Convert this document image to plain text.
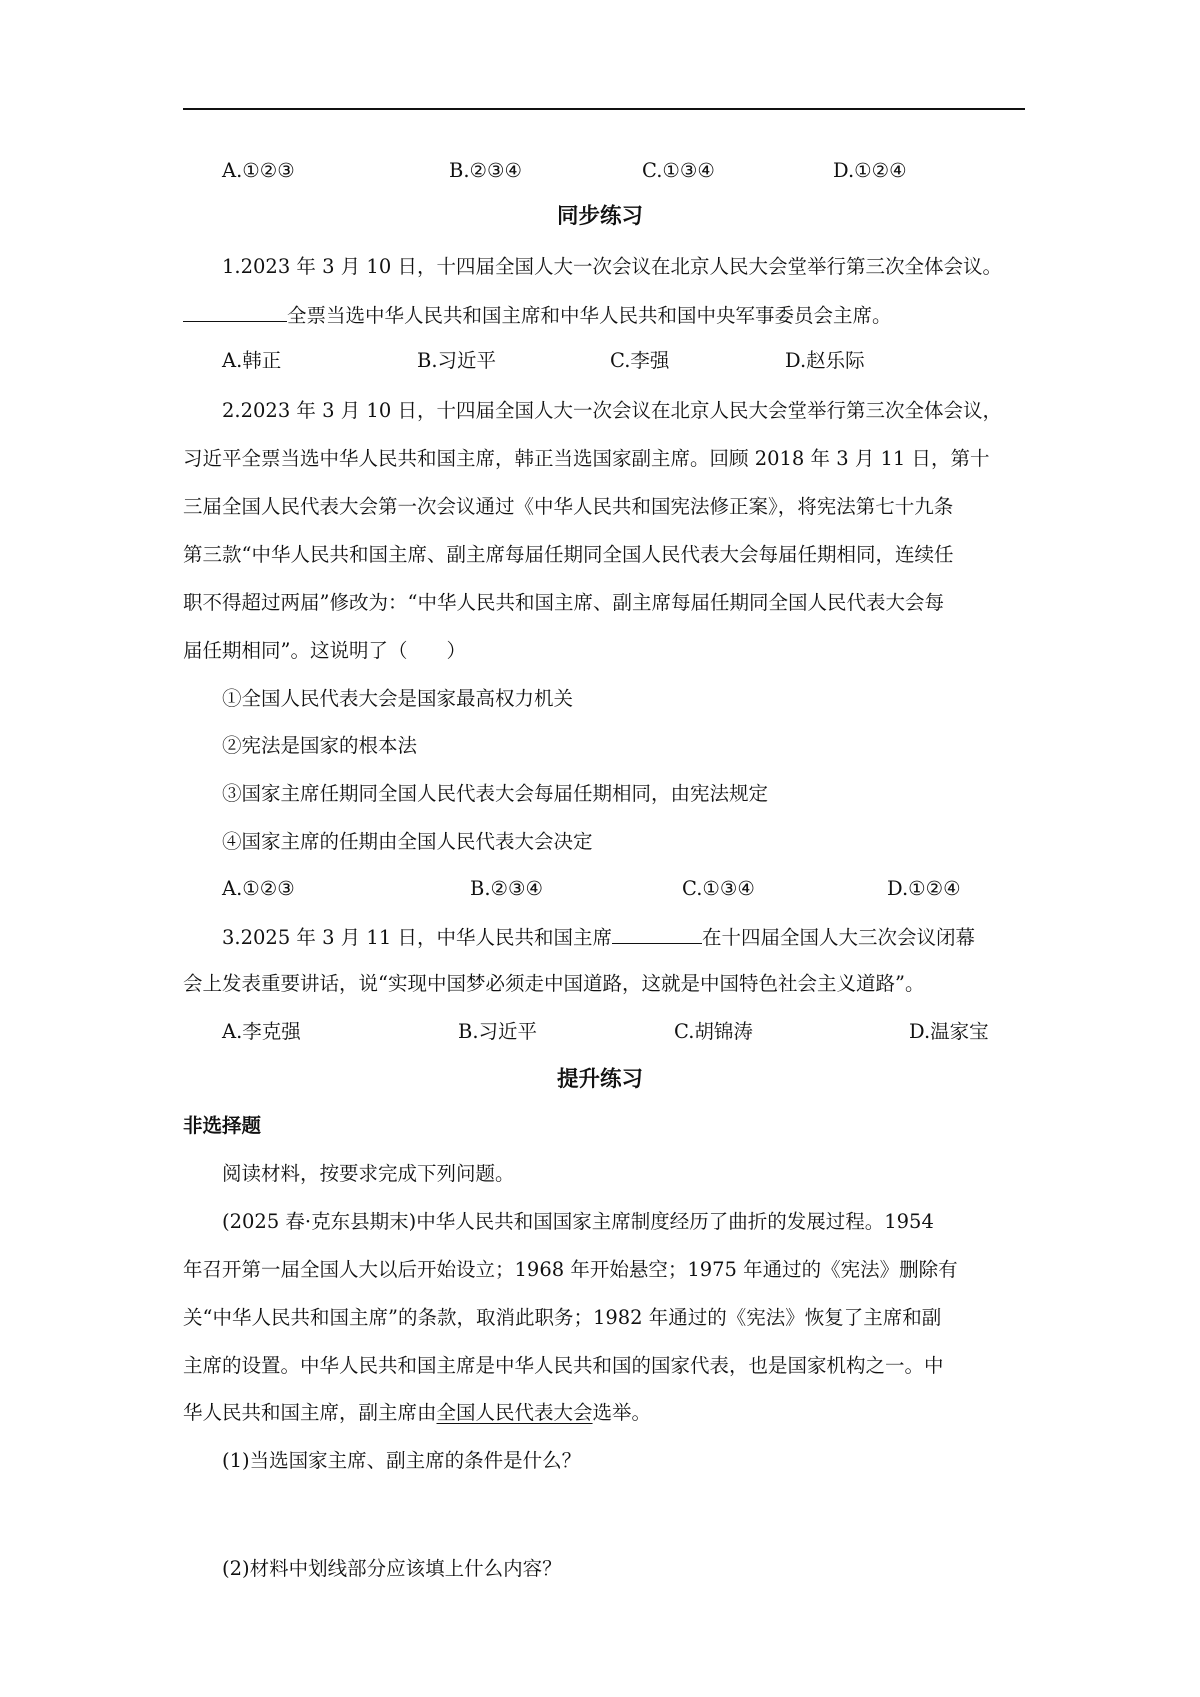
A.①②③	B.②③④	C.①③④	D.①②④
同步练习
1.2023 年 3 月 10 日，十四届全国人大一次会议在北京人民大会堂举行第三次全体会议。
全票当选中华人民共和国主席和中华人民共和国中央军事委员会主席。
A.韩正	B.习近平	C.李强	D.赵乐际
2.2023 年 3 月 10 日，十四届全国人大一次会议在北京人民大会堂举行第三次全体会议，
习近平全票当选中华人民共和国主席，韩正当选国家副主席。回顾 2018 年 3 月 11 日，第十
三届全国人民代表大会第一次会议通过《中华人民共和国宪法修正案》，将宪法第七十九条
第三款“中华人民共和国主席、副主席每届任期同全国人民代表大会每届任期相同，连续任
职不得超过两届”修改为：“中华人民共和国主席、副主席每届任期同全国人民代表大会每
届任期相同”。这说明了（　　）
①全国人民代表大会是国家最高权力机关
②宪法是国家的根本法
③国家主席任期同全国人民代表大会每届任期相同，由宪法规定
④国家主席的任期由全国人民代表大会决定
A.①②③	B.②③④	C.①③④	D.①②④
3.2025 年 3 月 11 日，中华人民共和国主席	在十四届全国人大三次会议闭幕
会上发表重要讲话，说“实现中国梦必须走中国道路，这就是中国特色社会主义道路”。
A.李克强	B.习近平	C.胡锦涛	D.温家宝
提升练习
非选择题
阅读材料，按要求完成下列问题。
(2025 春·克东县期末)中华人民共和国国家主席制度经历了曲折的发展过程。1954
年召开第一届全国人大以后开始设立；1968 年开始悬空；1975 年通过的《宪法》删除有
关“中华人民共和国主席”的条款，取消此职务；1982 年通过的《宪法》恢复了主席和副
主席的设置。中华人民共和国主席是中华人民共和国的国家代表，也是国家机构之一。中
华人民共和国主席，副主席由全国人民代表大会选举。
(1)当选国家主席、副主席的条件是什么？
(2)材料中划线部分应该填上什么内容？
